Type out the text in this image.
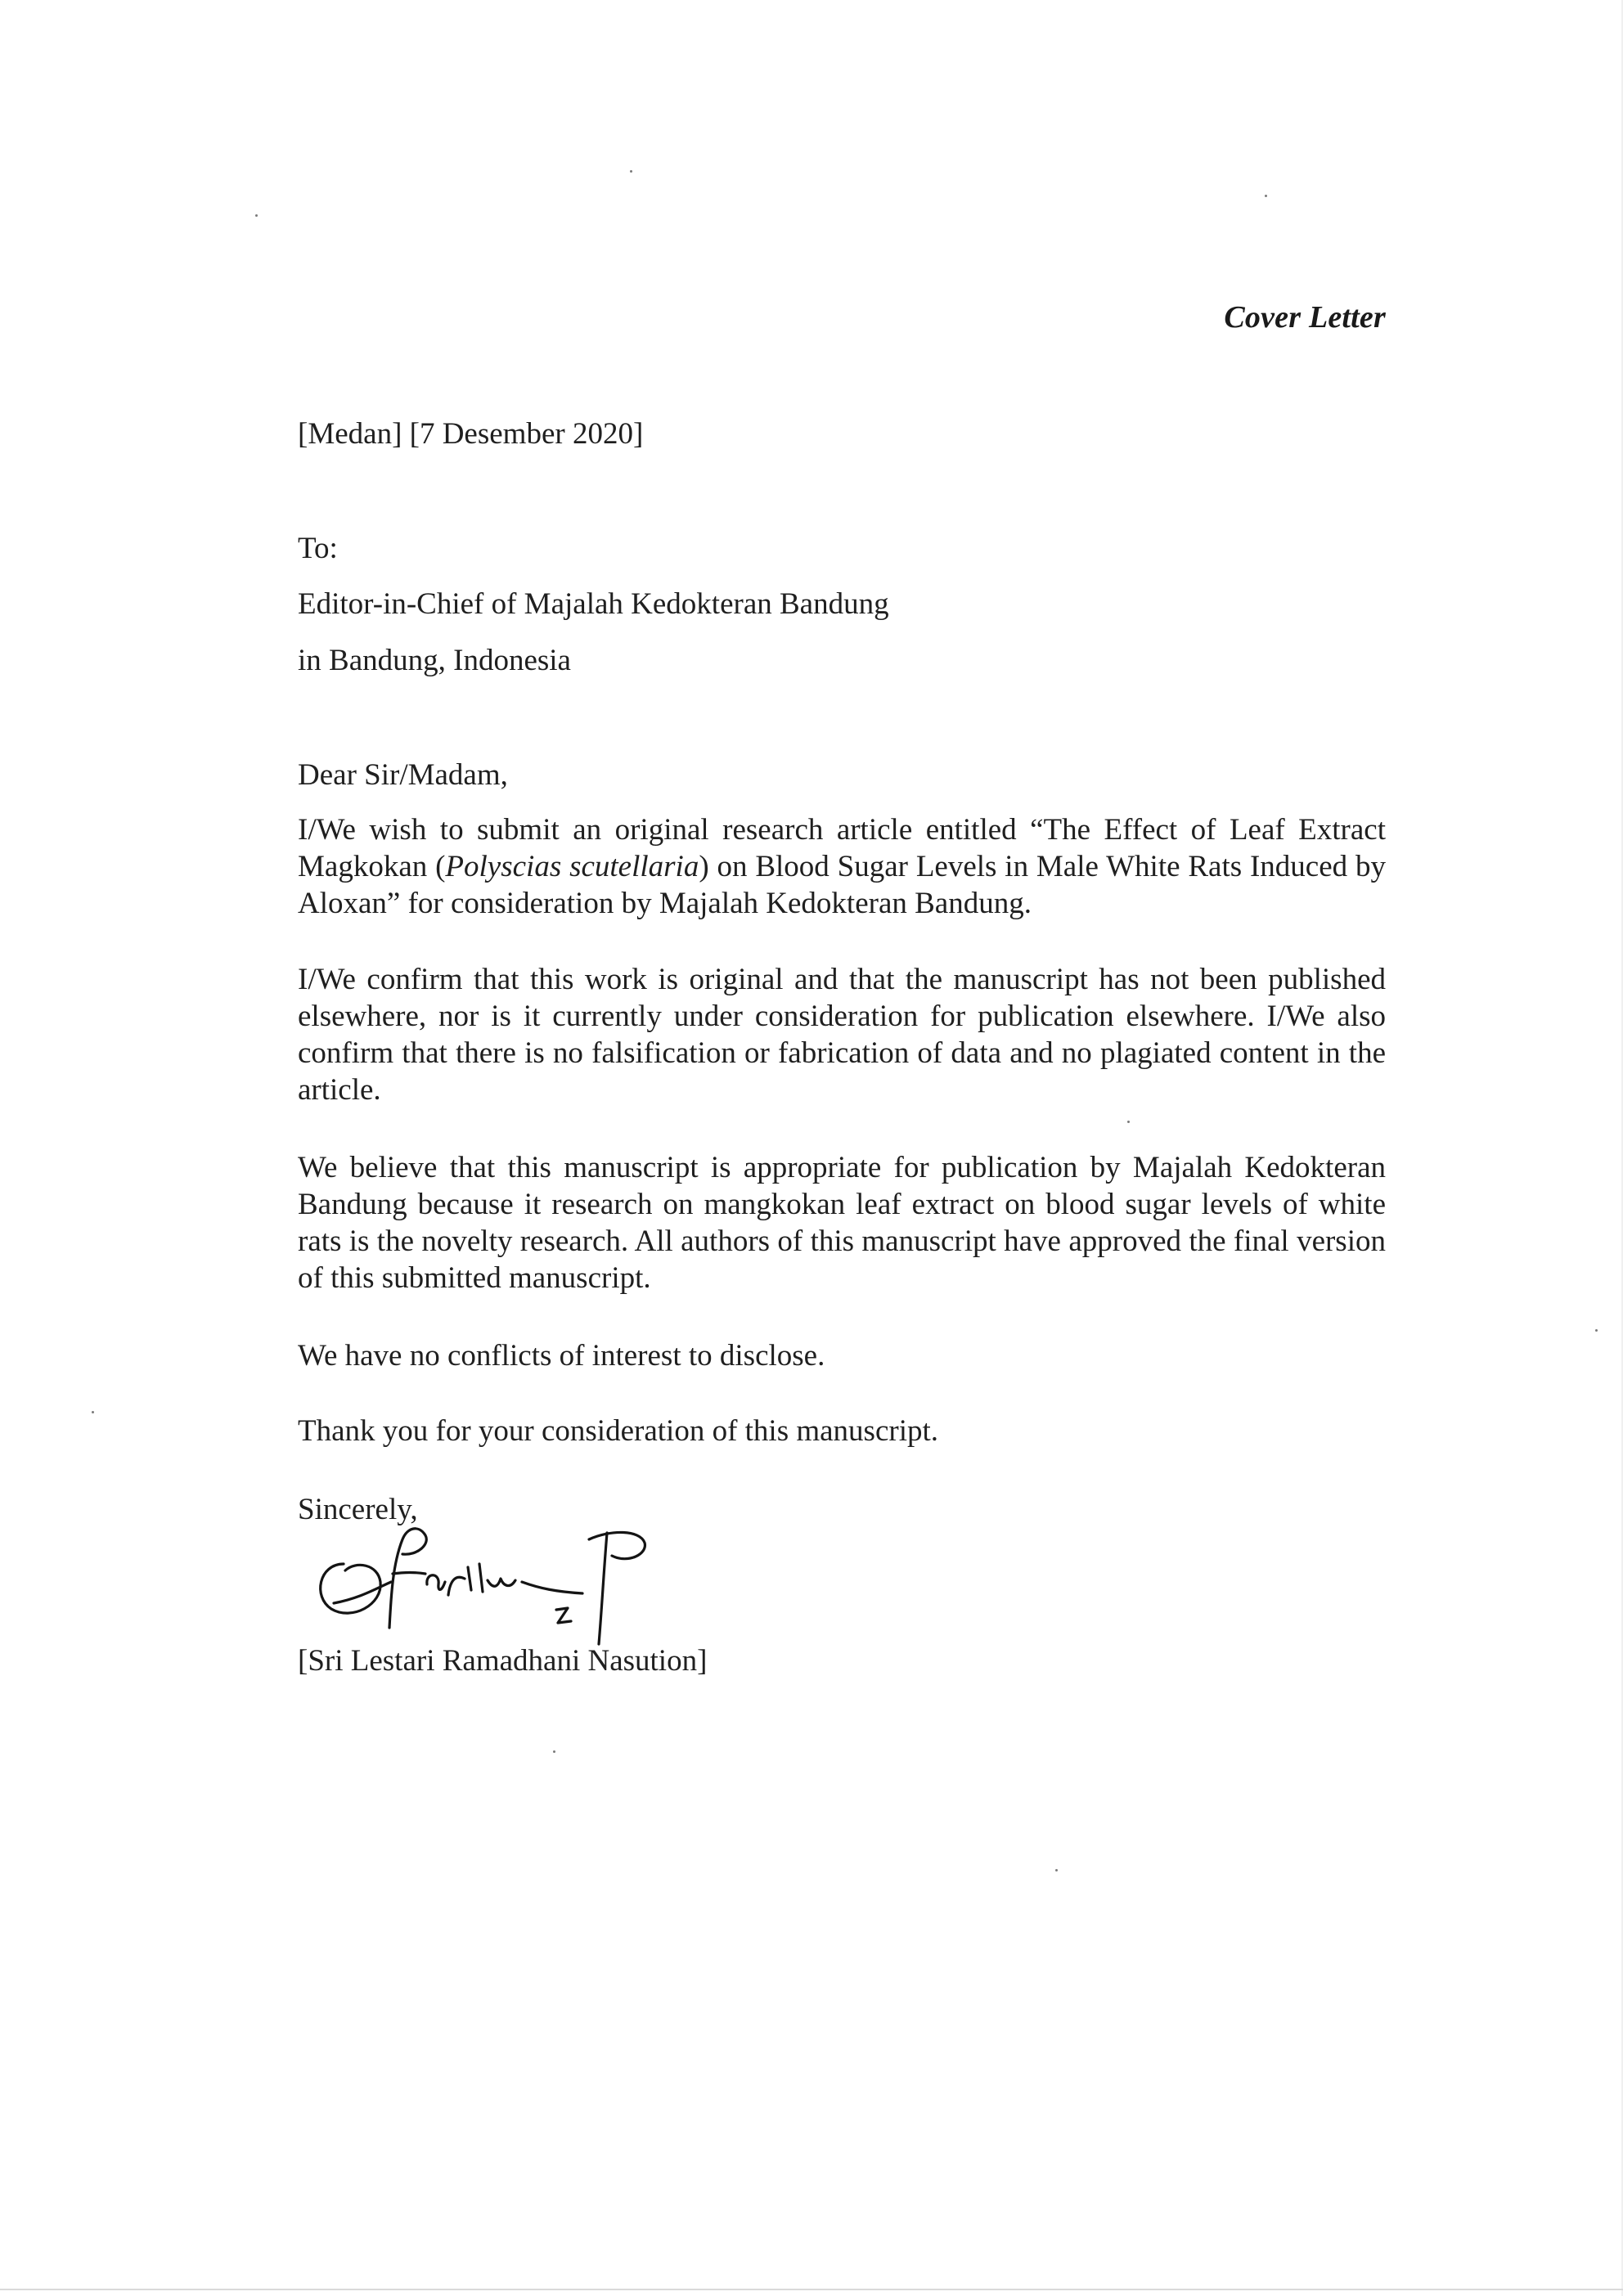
Cover Letter
[Medan] [7 Desember 2020]
To:
Editor-in-Chief of Majalah Kedokteran Bandung
in Bandung, Indonesia
Dear Sir/Madam,

I/We wish to submit an original research article entitled “The Effect of Leaf Extract Magkokan (Polyscias scutellaria) on Blood Sugar Levels in Male White Rats Induced by Aloxan” for consideration by Majalah Kedokteran Bandung.

I/We confirm that this work is original and that the manuscript has not been published elsewhere, nor is it currently under consideration for publication elsewhere. I/We also confirm that there is no falsification or fabrication of data and no plagiated content in the article.

We believe that this manuscript is appropriate for publication by Majalah Kedokteran Bandung because it research on mangkokan leaf extract on blood sugar levels of white rats is the novelty research. All authors of this manuscript have approved the final version of this submitted manuscript.

We have no conflicts of interest to disclose.

Thank you for your consideration of this manuscript.

Sincerely,
[Sri Lestari Ramadhani Nasution]
